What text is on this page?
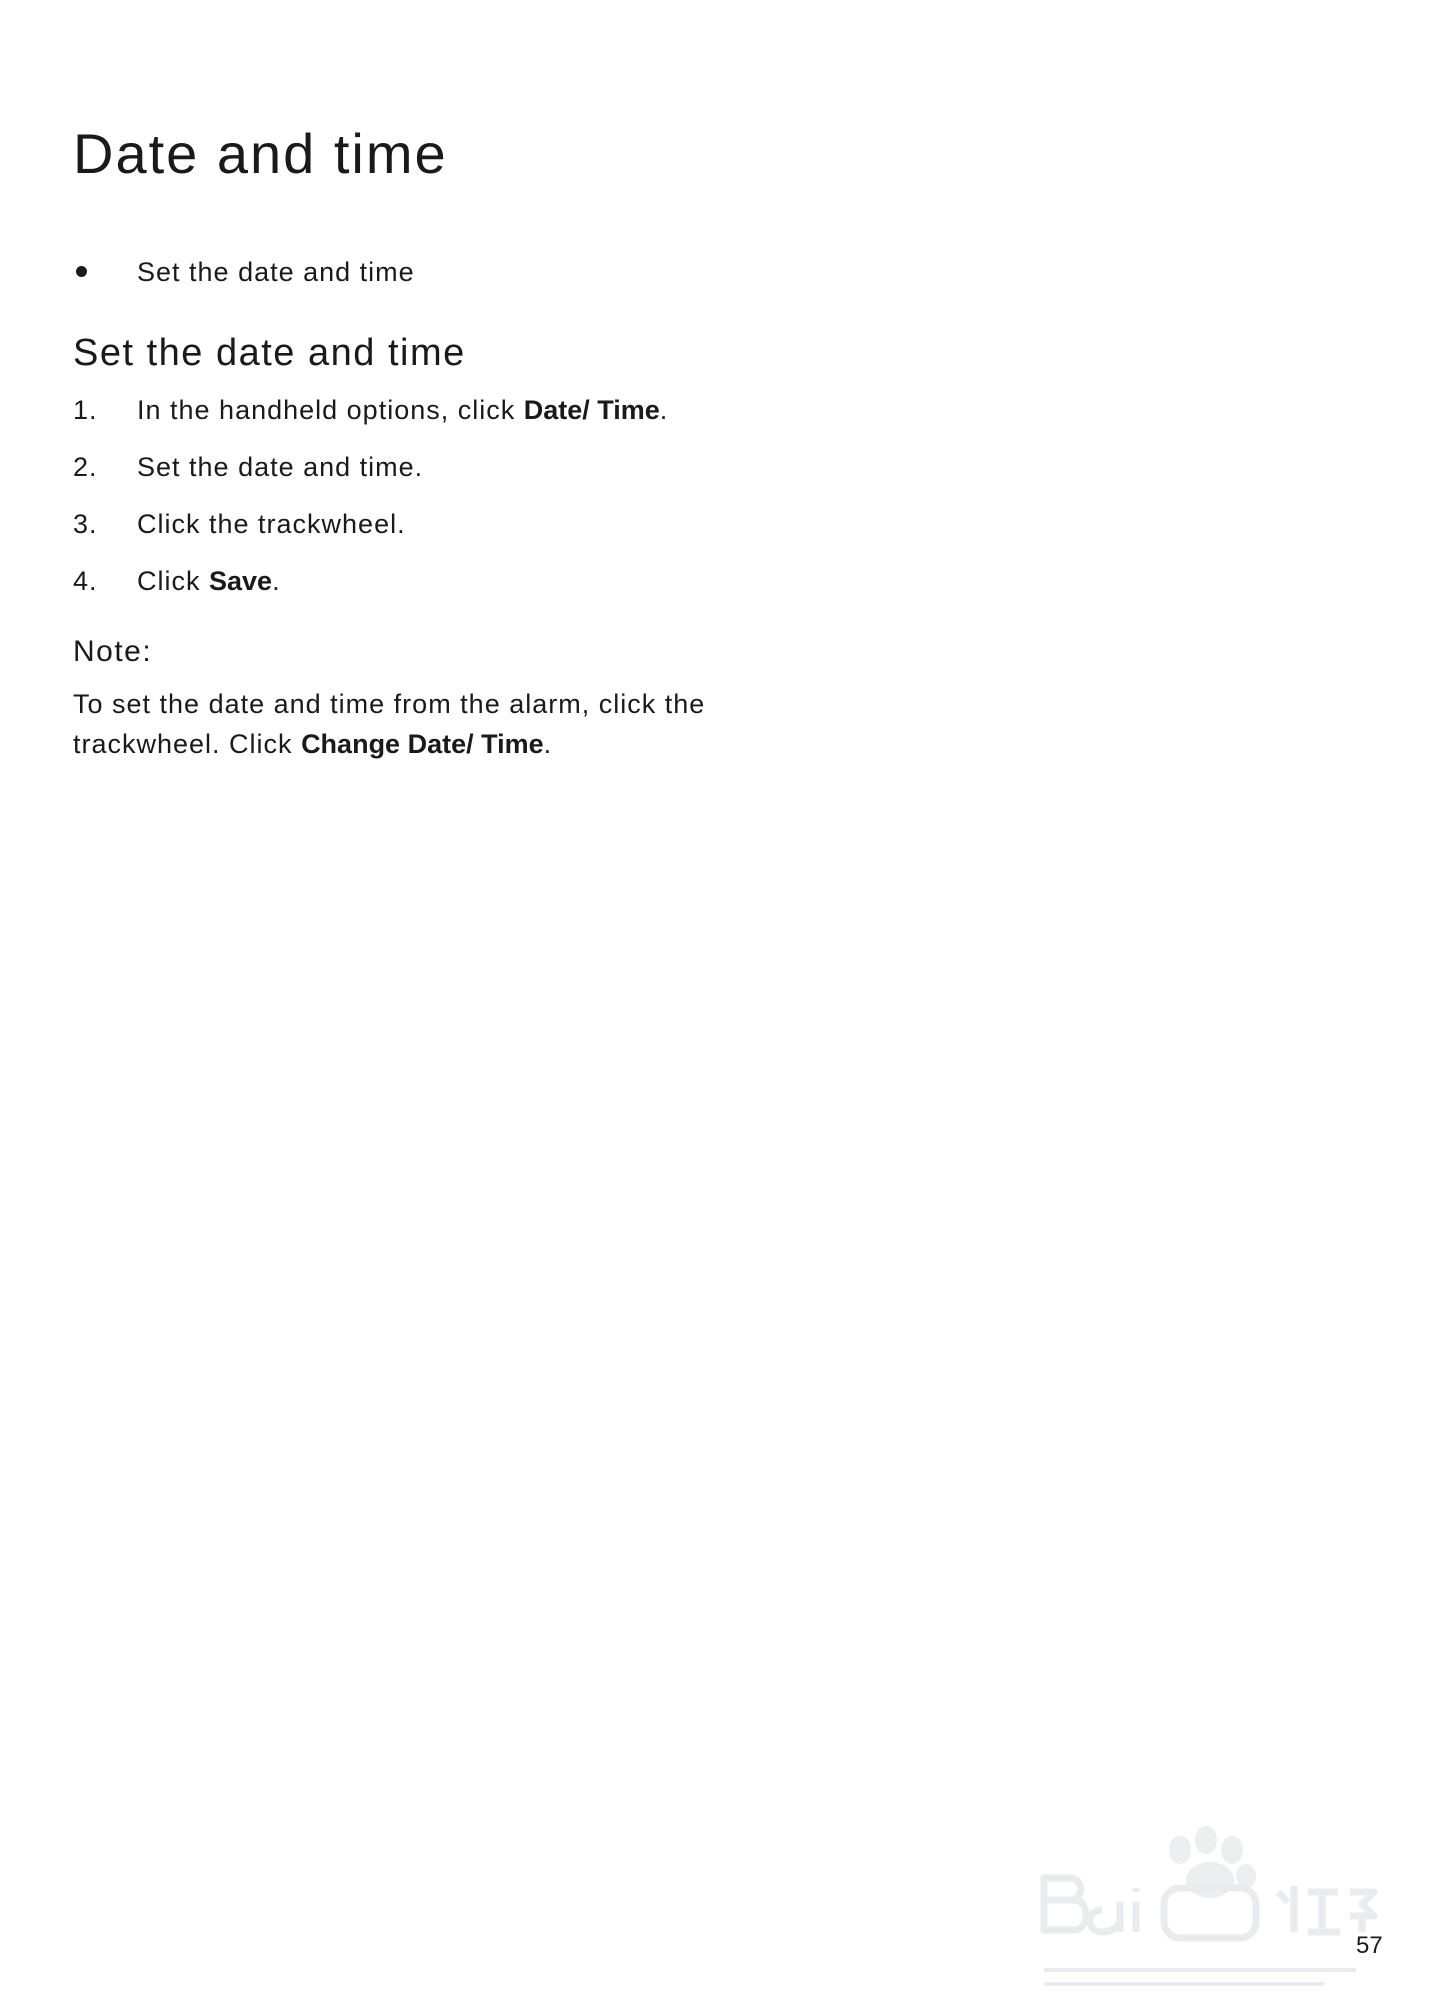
Date and time
Set the date and time
Set the date and time
1. In the handheld options, click Date/ Time.
2. Set the date and time.
3. Click the trackwheel.
4. Click Save.

Note:

To set the date and time from the alarm, click the
trackwheel. Click Change Date/ Time.

57
